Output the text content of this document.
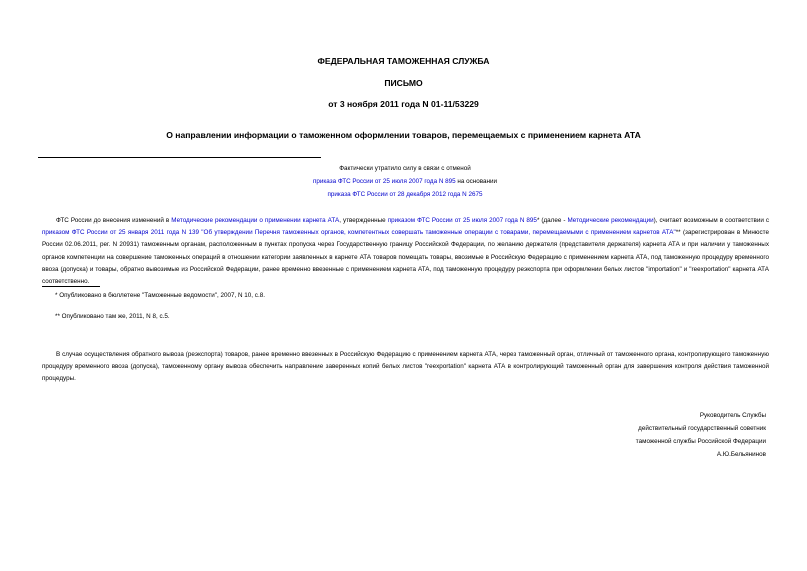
ФЕДЕРАЛЬНАЯ ТАМОЖЕННАЯ СЛУЖБА
ПИСЬМО
от 3 ноября 2011 года N 01-11/53229
О направлении информации о таможенном оформлении товаров, перемещаемых с применением карнета АТА
Фактически утратило силу в связи с отменой
приказа ФТС России от 25 июля 2007 года N 895 на основании
приказа ФТС России от 28 декабря 2012 года N 2675
ФТС России до внесения изменений в Методические рекомендации о применении карнета АТА, утвержденные приказом ФТС России от 25 июля 2007 года N 895* (далее - Методические рекомендации), считает возможным в соответствии с приказом ФТС России от 25 января 2011 года N 139 "Об утверждении Перечня таможенных органов, компетентных совершать таможенные операции с товарами, перемещаемыми с применением карнетов АТА"** (зарегистрирован в Минюсте России 02.06.2011, рег. N 20931) таможенным органам, расположенным в пунктах пропуска через Государственную границу Российской Федерации, по желанию держателя (представителя держателя) карнета АТА и при наличии у таможенных органов компетенции на совершение таможенных операций в отношении категории заявленных в карнете АТА товаров помещать товары, ввозимые в Российскую Федерацию с применением карнета АТА, под таможенную процедуру временного ввоза (допуска) и товары, обратно вывозимые из Российской Федерации, ранее временно ввезенные с применением карнета АТА, под таможенную процедуру реэкспорта при оформлении белых листов "importation" и "reexportation" карнета АТА соответственно.
* Опубликовано в бюллетене "Таможенные ведомости", 2007, N 10, с.8.
** Опубликовано там же, 2011, N 8, с.5.
В случае осуществления обратного вывоза (реэкспорта) товаров, ранее временно ввезенных в Российскую Федерацию с применением карнета АТА, через таможенный орган, отличный от таможенного органа, контролирующего таможенную процедуру временного ввоза (допуска), таможенному органу вывоза обеспечить направление заверенных копий белых листов "reexportation" карнета АТА в контролирующий таможенный орган для завершения контроля действия таможенной процедуры.
Руководитель Службы
действительный государственный советник
таможенной службы Российской Федерации
А.Ю.Бельянинов
